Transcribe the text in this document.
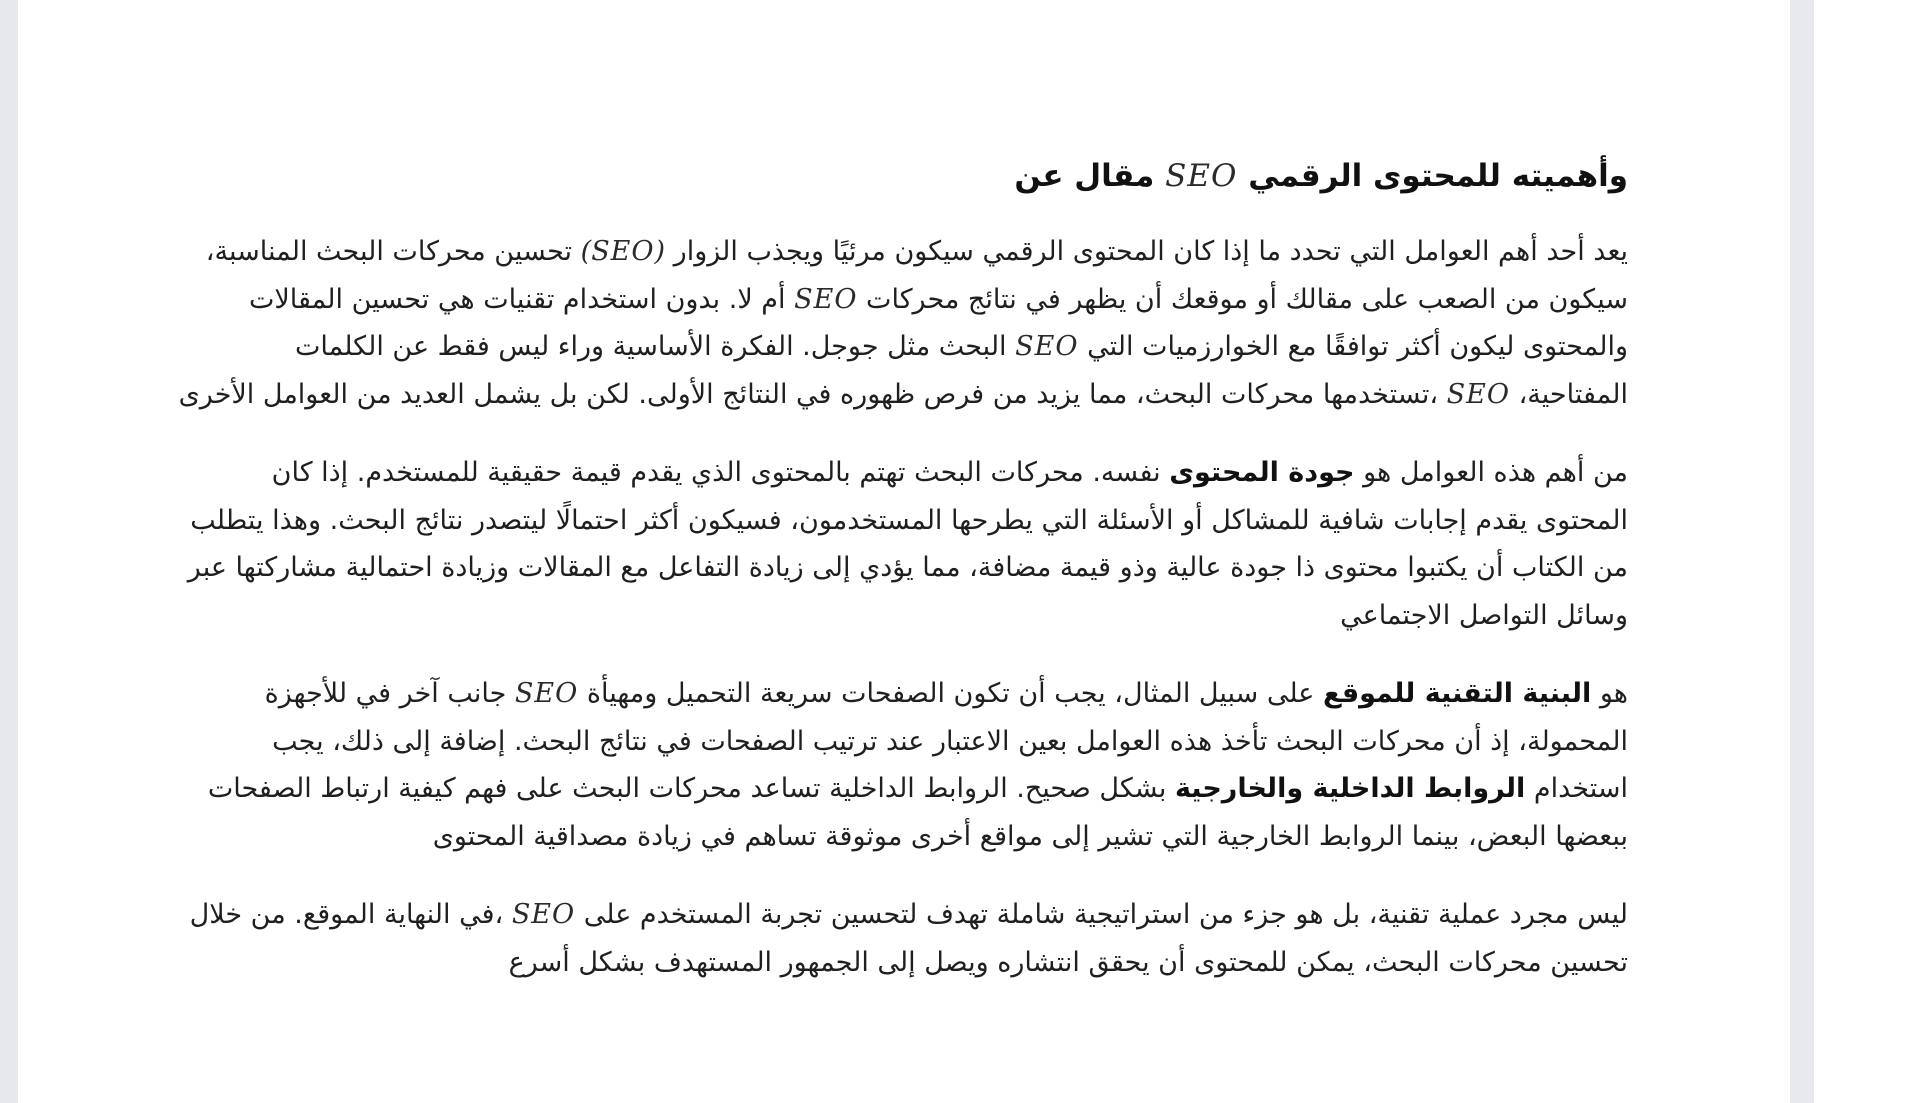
وأهميته للمحتوى الرقمي SEO مقال عن

يعد أحد أهم العوامل التي تحدد ما إذا كان المحتوى الرقمي سيكون مرئيًا ويجذب الزوار (SEO) تحسين محركات البحث المناسبة، سيكون من الصعب على مقالك أو موقعك أن يظهر في نتائج محركات SEO أم لا. بدون استخدام تقنيات هي تحسين المقالات والمحتوى ليكون أكثر توافقًا مع الخوارزميات التي SEO البحث مثل جوجل. الفكرة الأساسية وراء ليس فقط عن الكلمات المفتاحية، SEO ،تستخدمها محركات البحث، مما يزيد من فرص ظهوره في النتائج الأولى. لكن بل يشمل العديد من العوامل الأخرى

من أهم هذه العوامل هو جودة المحتوى نفسه. محركات البحث تهتم بالمحتوى الذي يقدم قيمة حقيقية للمستخدم. إذا كان المحتوى يقدم إجابات شافية للمشاكل أو الأسئلة التي يطرحها المستخدمون، فسيكون أكثر احتمالًا ليتصدر نتائج البحث. وهذا يتطلب من الكتاب أن يكتبوا محتوى ذا جودة عالية وذو قيمة مضافة، مما يؤدي إلى زيادة التفاعل مع المقالات وزيادة احتمالية مشاركتها عبر وسائل التواصل الاجتماعي

هو البنية التقنية للموقع على سبيل المثال، يجب أن تكون الصفحات سريعة التحميل ومهيأة SEO جانب آخر في للأجهزة المحمولة، إذ أن محركات البحث تأخذ هذه العوامل بعين الاعتبار عند ترتيب الصفحات في نتائج البحث. إضافة إلى ذلك، يجب استخدام الروابط الداخلية والخارجية بشكل صحيح. الروابط الداخلية تساعد محركات البحث على فهم كيفية ارتباط الصفحات ببعضها البعض، بينما الروابط الخارجية التي تشير إلى مواقع أخرى موثوقة تساهم في زيادة مصداقية المحتوى

ليس مجرد عملية تقنية، بل هو جزء من استراتيجية شاملة تهدف لتحسين تجربة المستخدم على SEO ،في النهاية الموقع. من خلال تحسين محركات البحث، يمكن للمحتوى أن يحقق انتشاره ويصل إلى الجمهور المستهدف بشكل أسرع
